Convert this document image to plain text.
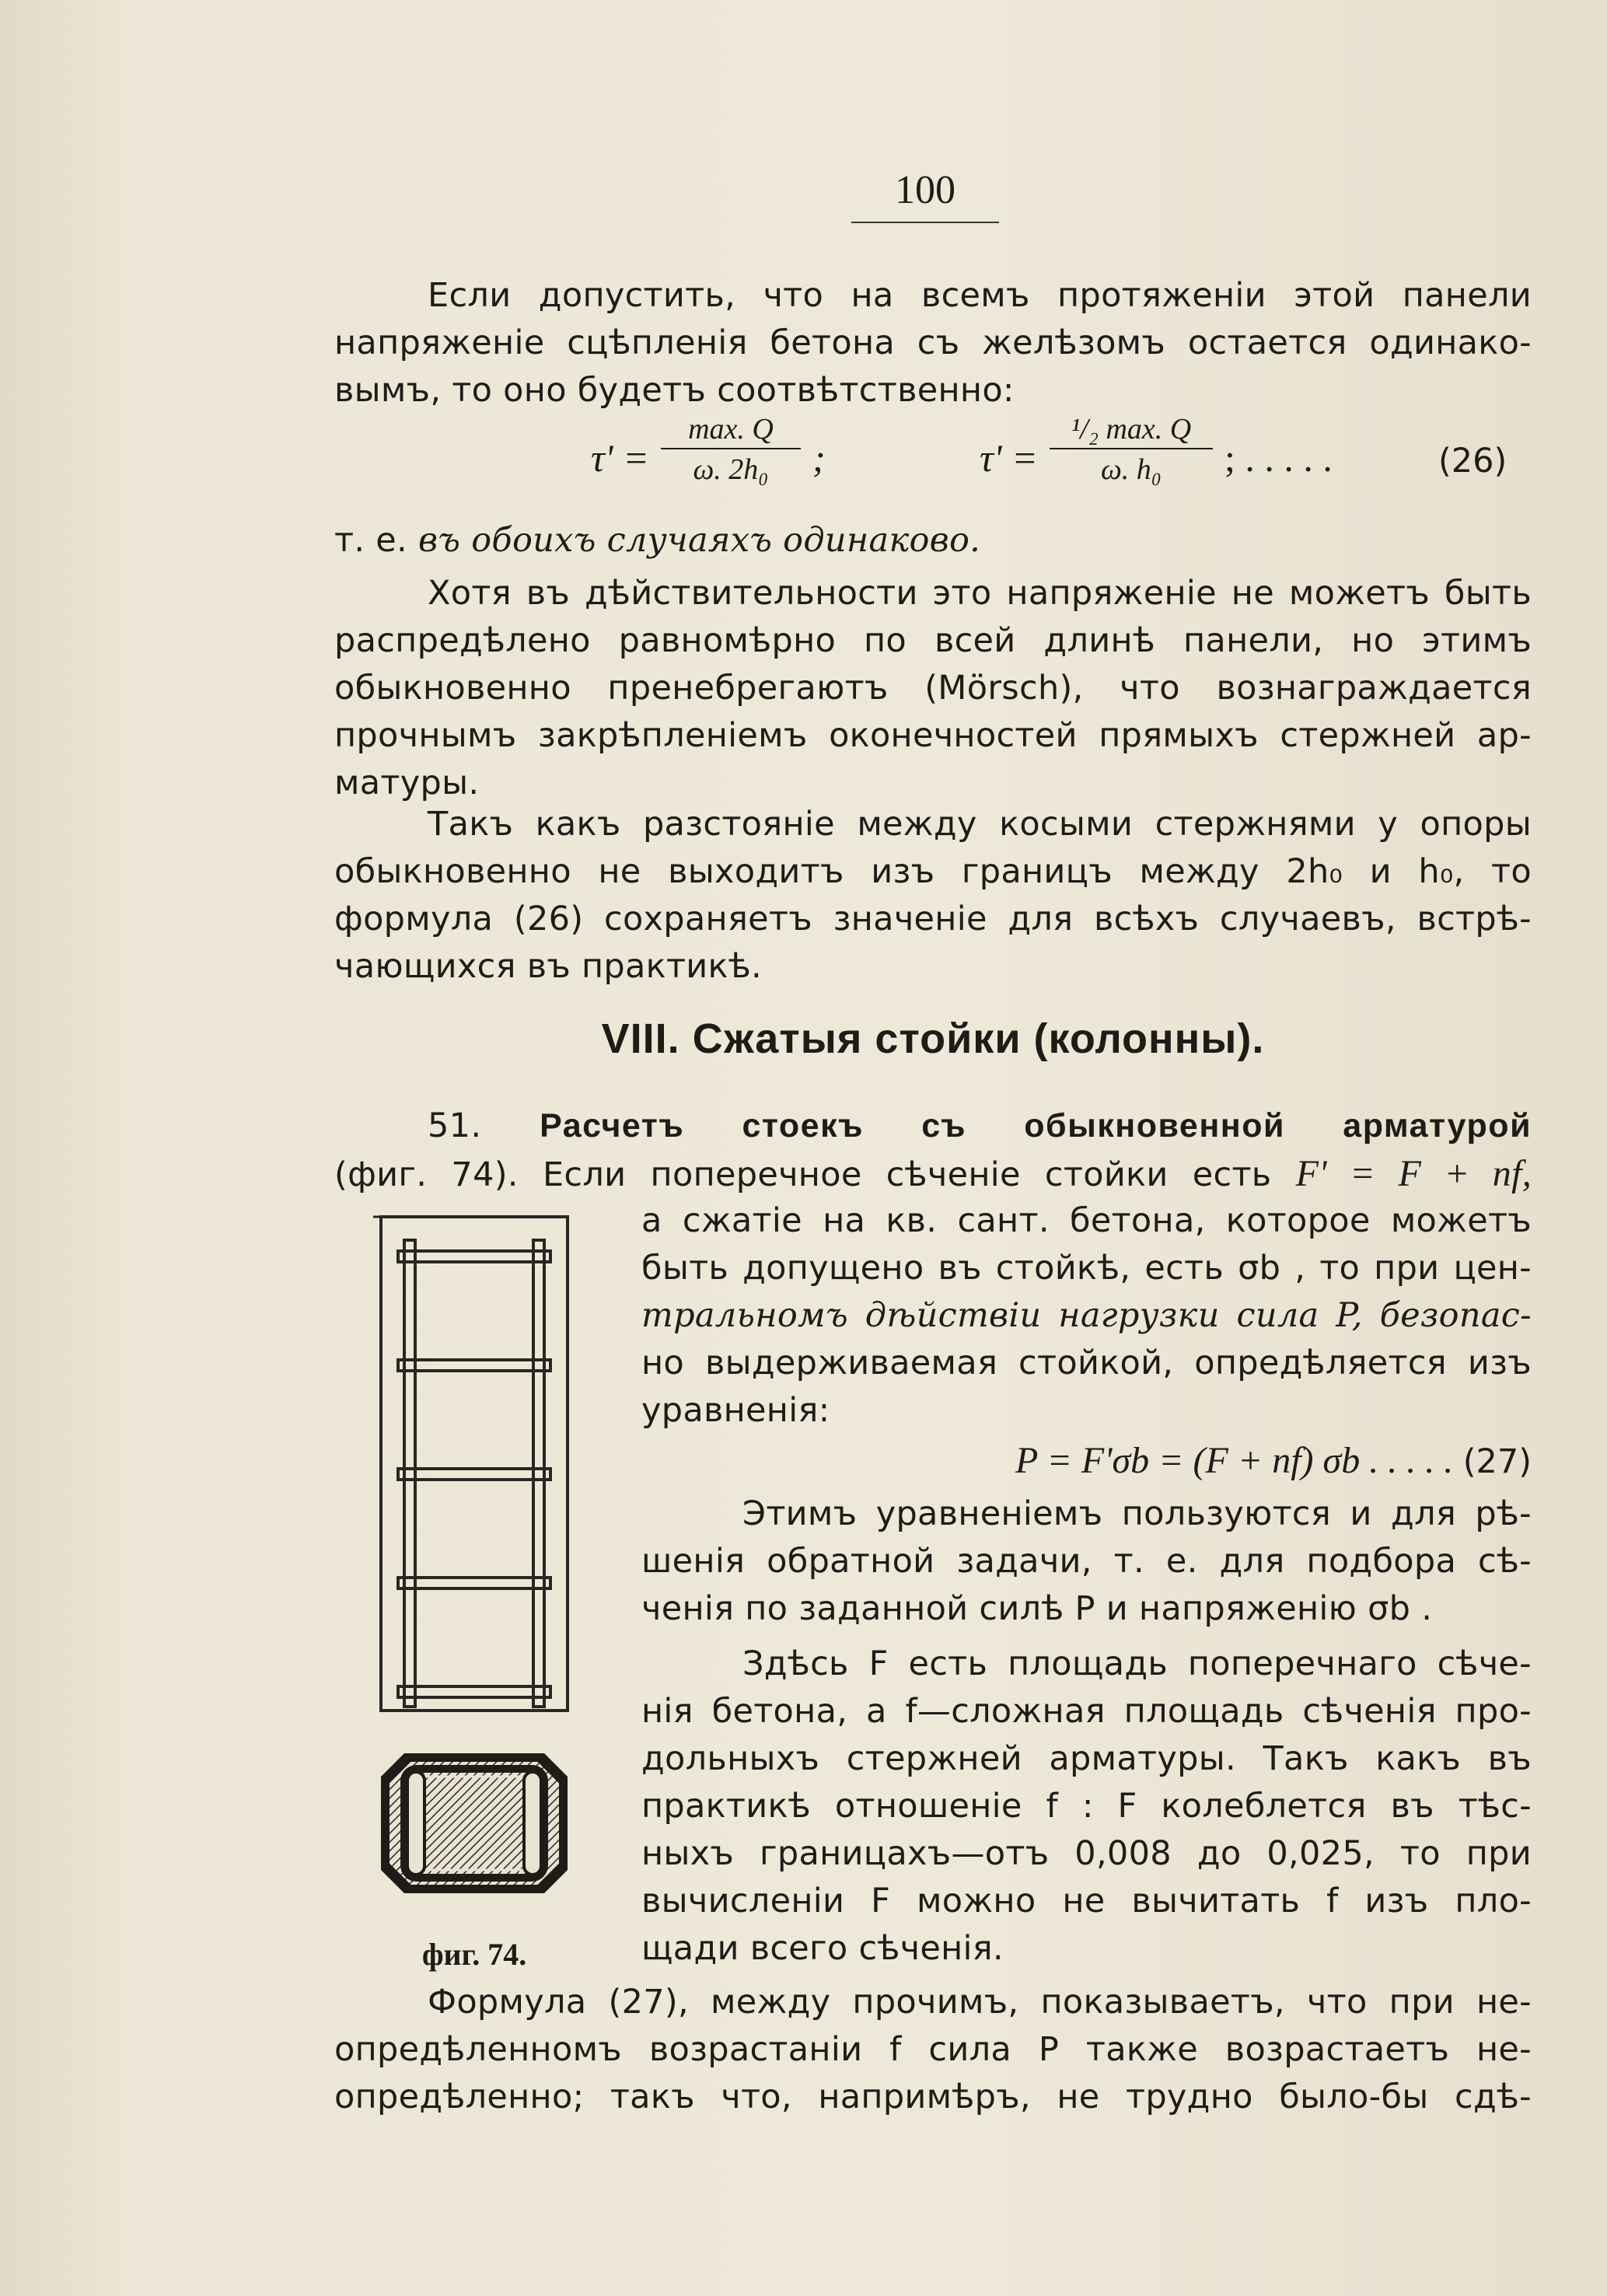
100
Если допустить, что на всемъ протяженiи этой панели
напряженiе сцѣпленiя бетона съ желѣзомъ остается одинако-
вымъ, то оно будетъ соотвѣтственно:
τ' =
max. Q
ω. 2h₀	;	τ' =
¹/₂ max. Q
ω. h₀	; . . . . .	(26)
т. е. въ обоихъ случаяхъ одинаково.
Хотя въ дѣйствительности это напряженiе не можетъ быть
распредѣлено равномѣрно по всей длинѣ панели, но этимъ
обыкновенно пренебрегаютъ (Mörsch), что вознаграждается
прочнымъ закрѣпленiемъ оконечностей прямыхъ стержней ар-
матуры.
Такъ какъ разстоянiе между косыми стержнями у опоры
обыкновенно не выходитъ изъ границъ между 2h₀ и h₀, то
формула (26) сохраняетъ значенiе для всѣхъ случаевъ, встрѣ-
чающихся въ практикѣ.
VIII. Сжатыя стойки (колонны).
51. Расчетъ стоекъ съ обыкновенной арматурой
(фиг. 74). Если поперечное сѣченiе стойки есть F' = F + nf,
фиг. 74.
а сжатiе на кв. сант. бетона, которое можетъ
быть допущено въ стойкѣ, есть σb , то при цен-
тральномъ дѣйствiи нагрузки сила P, безопас-
но выдерживаемая стойкой, опредѣляется изъ
уравненiя:
P = F'σb = (F + nf) σb . . . . . (27)
Этимъ уравненiемъ пользуются и для рѣ-
шенiя обратной задачи, т. е. для подбора сѣ-
ченiя по заданной силѣ P и напряженiю σb .
Здѣсь F есть площадь поперечнаго сѣче-
нiя бетона, а f—сложная площадь сѣченiя про-
дольныхъ стержней арматуры. Такъ какъ въ
практикѣ отношенiе f : F колеблется въ тѣс-
ныхъ границахъ—отъ 0,008 до 0,025, то при
вычисленiи F можно не вычитать f изъ пло-
щади всего сѣченiя.
Формула (27), между прочимъ, показываетъ, что при не-
опредѣленномъ возрастанiи f сила P также возрастаетъ не-
опредѣленно; такъ что, напримѣръ, не трудно было-бы сдѣ-
